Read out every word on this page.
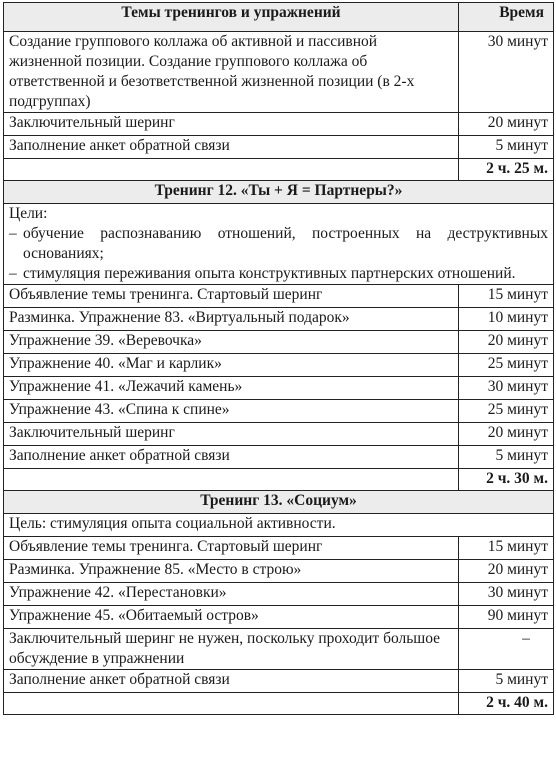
Темы тренингов и упражнений	Время
Создание группового коллажа об активной и пассивной жизненной позиции. Создание группового коллажа об ответственной и безответственной жизненной позиции (в 2-х подгруппах)	30 минут
Заключительный шеринг	20 минут
Заполнение анкет обратной связи	5 минут
	2 ч. 25 м.
Тренинг 12. «Ты + Я = Партнеры?»	

Цели:
– обучение распознаванию отношений, построенных на деструктивных основаниях;
– стимуляция переживания опыта конструктивных партнерских отношений.	

Объявление темы тренинга. Стартовый шеринг	15 минут
Разминка. Упражнение 83. «Виртуальный подарок»	10 минут
Упражнение 39. «Веревочка»	20 минут
Упражнение 40. «Маг и карлик»	25 минут
Упражнение 41. «Лежачий камень»	30 минут
Упражнение 43. «Спина к спине»	25 минут
Заключительный шеринг	20 минут
Заполнение анкет обратной связи	5 минут
	2 ч. 30 м.
Тренинг 13. «Социум»	
Цель: стимуляция опыта социальной активности.	
Объявление темы тренинга. Стартовый шеринг	15 минут
Разминка. Упражнение 85. «Место в строю»	20 минут
Упражнение 42. «Перестановки»	30 минут
Упражнение 45. «Обитаемый остров»	90 минут
Заключительный шеринг не нужен, поскольку проходит большое обсуждение в упражнении	–
Заполнение анкет обратной связи	5 минут
	2 ч. 40 м.
